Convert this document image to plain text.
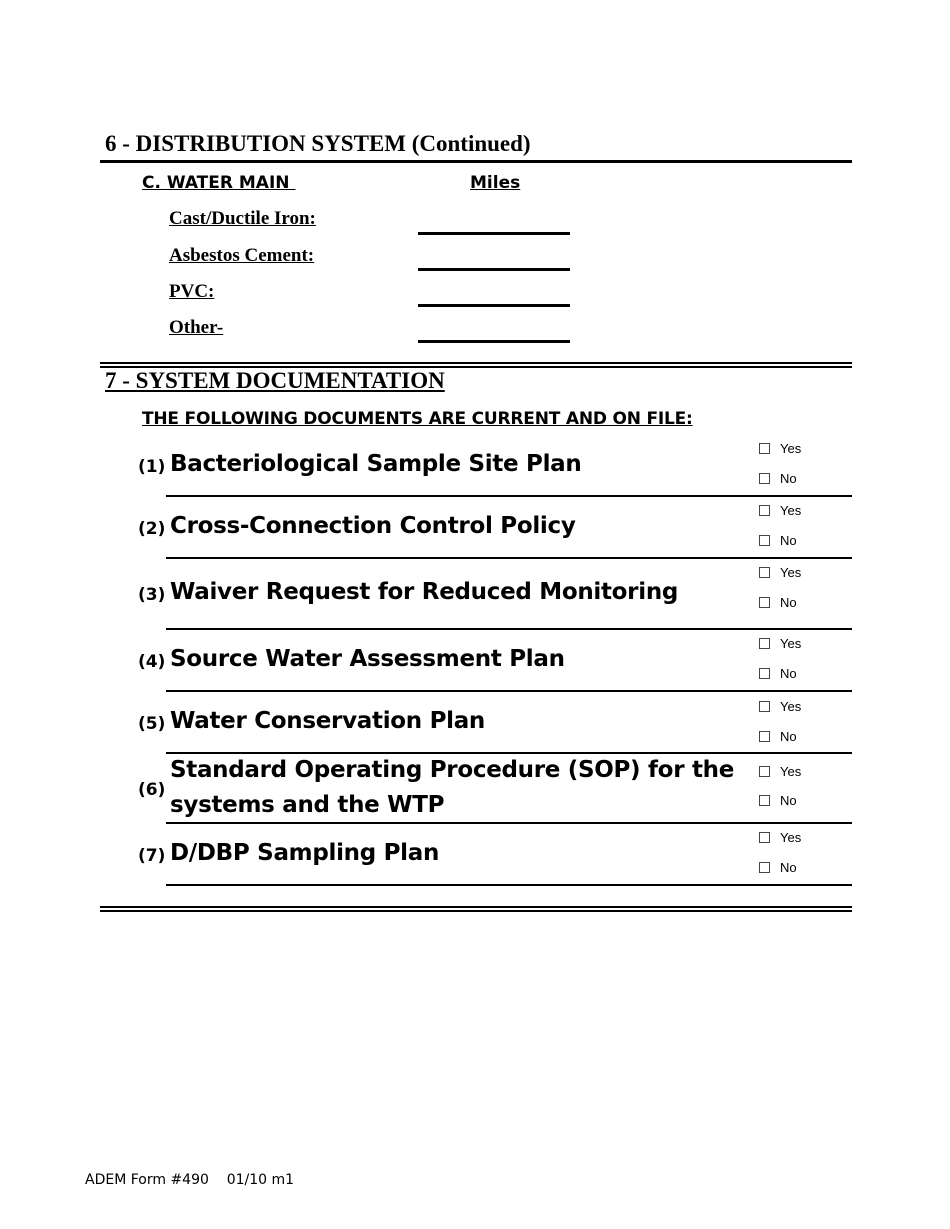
6 - DISTRIBUTION SYSTEM (Continued)
C. WATER MAIN	Miles
Cast/Ductile Iron:
Asbestos Cement:
PVC:
Other-
7 - SYSTEM DOCUMENTATION
THE FOLLOWING DOCUMENTS ARE CURRENT AND ON FILE:
(1) Bacteriological Sample Site Plan
Yes
No
(2) Cross-Connection Control Policy
Yes
No
(3) Waiver Request for Reduced Monitoring
Yes
No
(4) Source Water Assessment Plan
Yes
No
(5) Water Conservation Plan
Yes
No
(6)
Standard Operating Procedure (SOP) for the
systems and the WTP
Yes
No
(7) D/DBP Sampling Plan
Yes
No
ADEM Form #490    01/10 m1
